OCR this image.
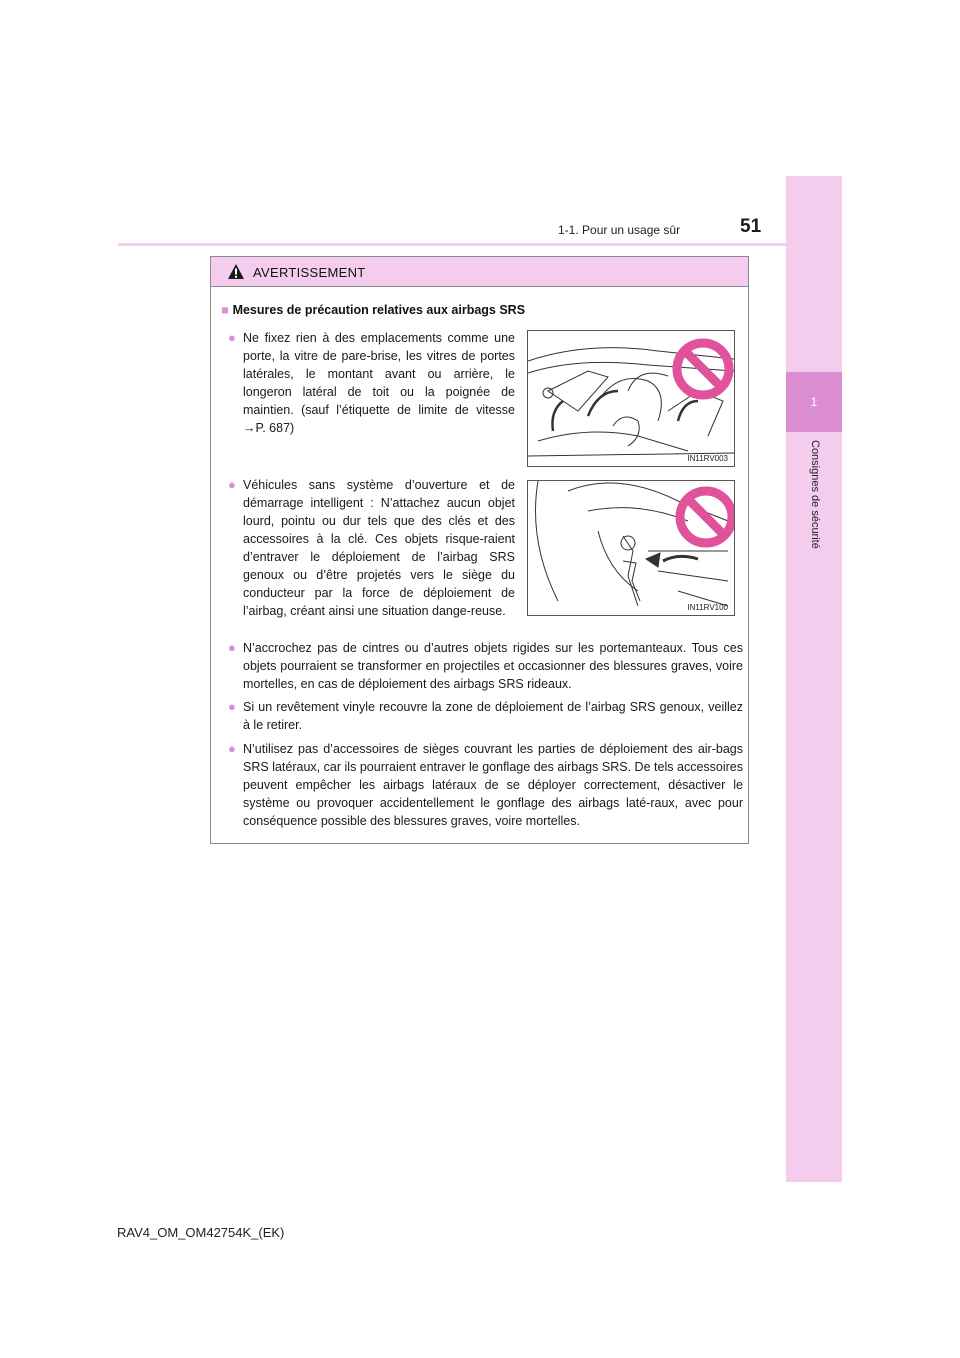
1
Consignes de sécurité
1-1. Pour un usage sûr	51
AVERTISSEMENT
■ Mesures de précaution relatives aux airbags SRS
● Ne fixez rien à des emplacements comme une porte, la vitre de pare-brise, les vitres de portes latérales, le montant avant ou arrière, le longeron latéral de toit ou la poignée de maintien. (sauf l’étiquette de limite de vitesse →P. 687)
IN11RV003
● Véhicules sans système d’ouverture et de démarrage intelligent : N’attachez aucun objet lourd, pointu ou dur tels que des clés et des accessoires à la clé. Ces objets risque-raient d’entraver le déploiement de l’airbag SRS genoux ou d’être projetés vers le siège du conducteur par la force de déploiement de l’airbag, créant ainsi une situation dange-reuse.	IN11RV100
● N’accrochez pas de cintres ou d’autres objets rigides sur les portemanteaux. Tous ces objets pourraient se transformer en projectiles et occasionner des blessures graves, voire mortelles, en cas de déploiement des airbags SRS rideaux.
● Si un revêtement vinyle recouvre la zone de déploiement de l’airbag SRS genoux, veillez à le retirer.
● N’utilisez pas d’accessoires de sièges couvrant les parties de déploiement des air-bags SRS latéraux, car ils pourraient entraver le gonflage des airbags SRS. De tels accessoires peuvent empêcher les airbags latéraux de se déployer correctement, désactiver le système ou provoquer accidentellement le gonflage des airbags laté-raux, avec pour conséquence possible des blessures graves, voire mortelles.
RAV4_OM_OM42754K_(EK)
